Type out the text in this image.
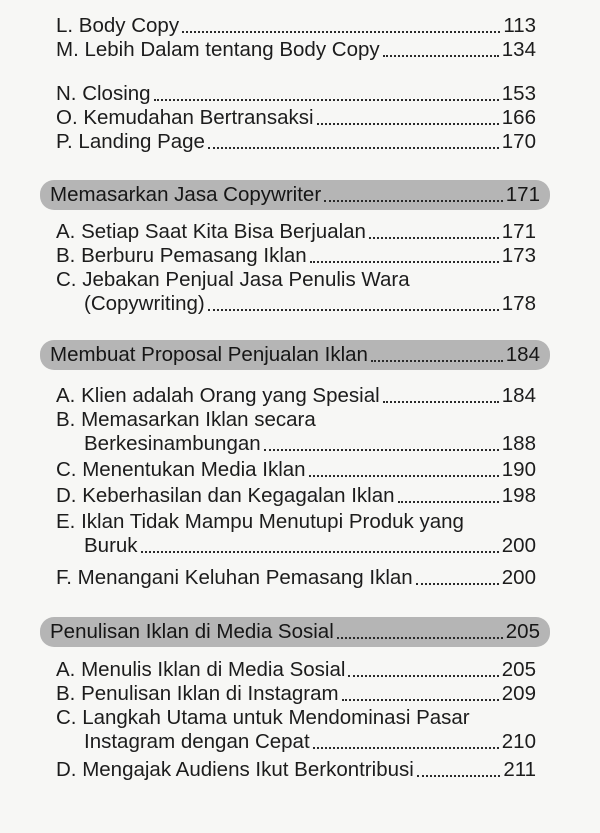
L. Body Copy	113
M. Lebih Dalam tentang Body Copy	134
N. Closing	153
O. Kemudahan Bertransaksi	166
P. Landing Page	170
Memasarkan Jasa Copywriter	171
A. Setiap Saat Kita Bisa Berjualan	171
B. Berburu Pemasang Iklan	173
C. Jebakan Penjual Jasa Penulis Wara
(Copywriting)	178
Membuat Proposal Penjualan Iklan	184
A. Klien adalah Orang yang Spesial	184
B. Memasarkan Iklan secara
Berkesinambungan	188
C. Menentukan Media Iklan	190
D. Keberhasilan dan Kegagalan Iklan	198
E. Iklan Tidak Mampu Menutupi Produk yang
Buruk	200
F. Menangani Keluhan Pemasang Iklan	200
Penulisan Iklan di Media Sosial	205
A. Menulis Iklan di Media Sosial	205
B. Penulisan Iklan di Instagram	209
C. Langkah Utama untuk Mendominasi Pasar
Instagram dengan Cepat	210
D. Mengajak Audiens Ikut Berkontribusi	211
